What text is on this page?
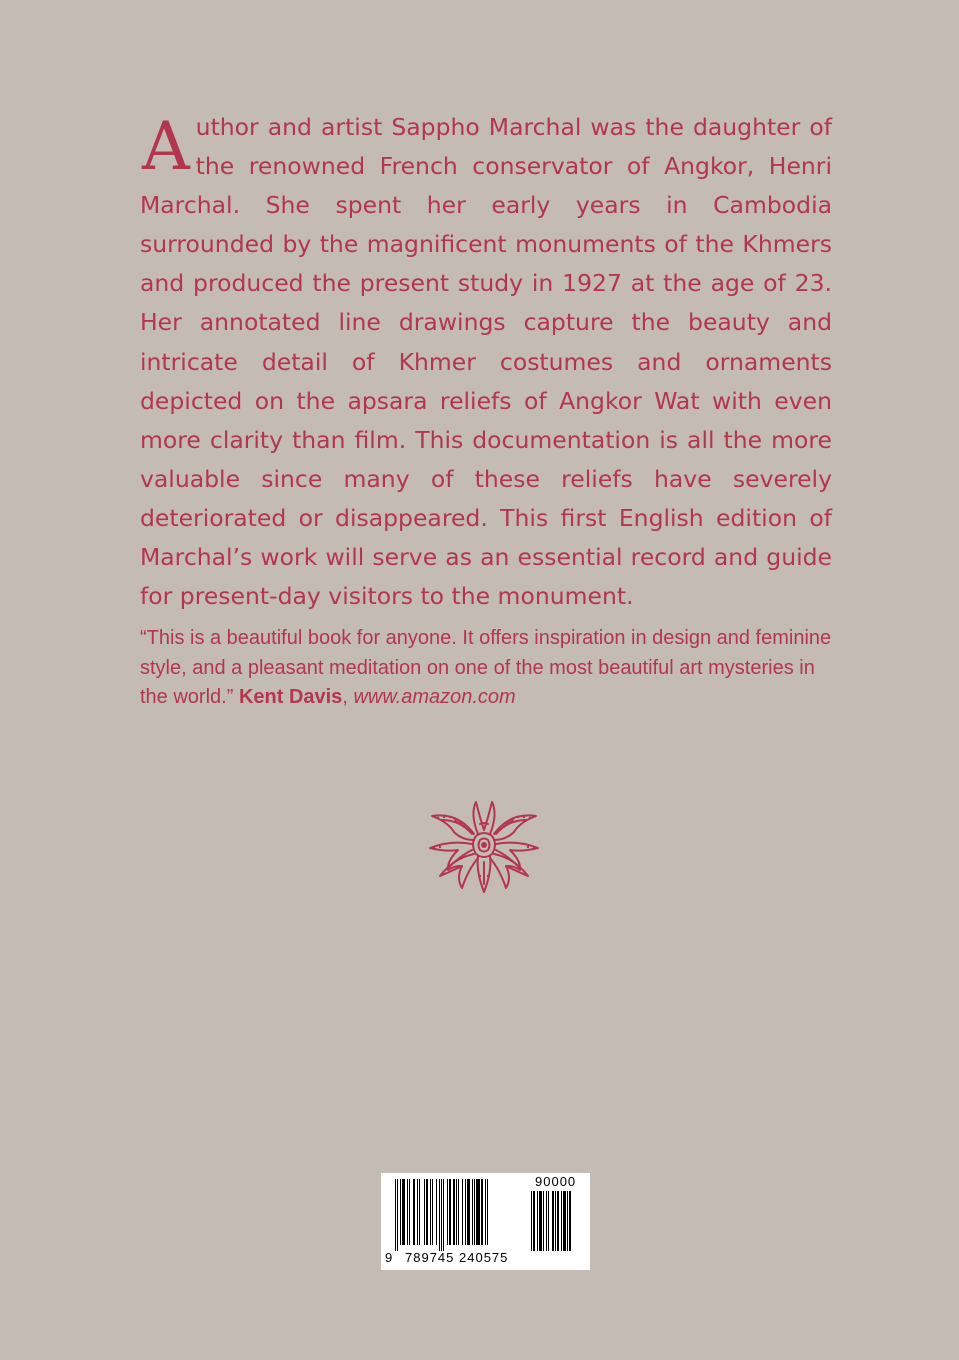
Author and artist Sappho Marchal was the daughter of the renowned French conservator of Angkor, Henri Marchal. She spent her early years in Cambodia surrounded by the magnificent monuments of the Khmers and produced the present study in 1927 at the age of 23. Her annotated line drawings capture the beauty and intricate detail of Khmer costumes and ornaments depicted on the apsara reliefs of Angkor Wat with even more clarity than film. This documentation is all the more valuable since many of these reliefs have severely deteriorated or disappeared. This first English edition of Marchal’s work will serve as an essential record and guide for present-day visitors to the monument.

“This is a beautiful book for anyone. It offers inspiration in design and feminine style, and a pleasant meditation on one of the most beautiful art mysteries in the world.” Kent Davis, www.amazon.com

9 789745 240575
90000
